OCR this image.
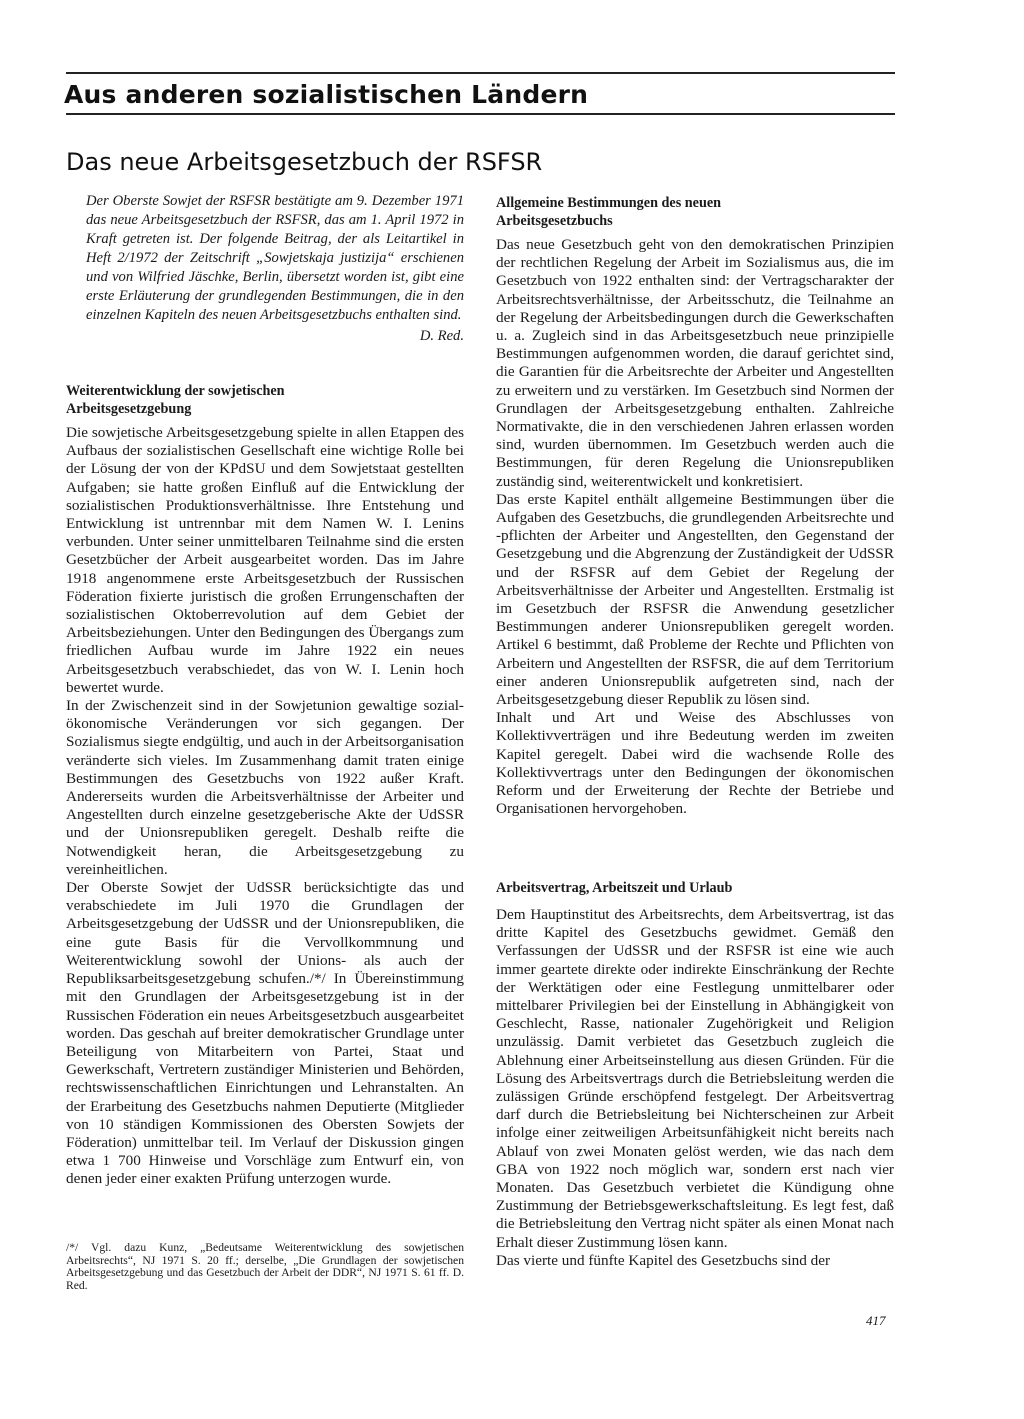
Aus anderen sozialistischen Ländern
Das neue Arbeitsgesetzbuch der RSFSR
Der Oberste Sowjet der RSFSR bestätigte am 9. Dezember 1971 das neue Arbeitsgesetzbuch der RSFSR, das am 1. April 1972 in Kraft getreten ist. Der folgende Beitrag, der als Leitartikel in Heft 2/1972 der Zeitschrift „Sowjetskaja justizija“ erschienen und von Wilfried Jäschke, Berlin, übersetzt worden ist, gibt eine erste Erläuterung der grundlegenden Bestimmungen, die in den einzelnen Kapiteln des neuen Arbeitsgesetzbuchs enthalten sind.
D. Red.
Weiterentwicklung der sowjetischen Arbeitsgesetzgebung

Die sowjetische Arbeitsgesetzgebung spielte in allen Etappen des Aufbaus der sozialistischen Gesellschaft eine wichtige Rolle bei der Lösung der von der KPdSU und dem Sowjetstaat gestellten Aufgaben; sie hatte großen Einfluß auf die Entwicklung der sozialistischen Produktionsverhältnisse. Ihre Entstehung und Entwicklung ist untrennbar mit dem Namen W. I. Lenins verbunden. Unter seiner unmittelbaren Teilnahme sind die ersten Gesetzbücher der Arbeit ausgearbeitet worden. Das im Jahre 1918 angenommene erste Arbeitsgesetzbuch der Russischen Föderation fixierte juristisch die großen Errungenschaften der sozialistischen Oktoberrevolution auf dem Gebiet der Arbeitsbeziehungen. Unter den Bedingungen des Übergangs zum friedlichen Aufbau wurde im Jahre 1922 ein neues Arbeitsgesetzbuch verabschiedet, das von W. I. Lenin hoch bewertet wurde.

In der Zwischenzeit sind in der Sowjetunion gewaltige sozial-ökonomische Veränderungen vor sich gegangen. Der Sozialismus siegte endgültig, und auch in der Arbeitsorganisation veränderte sich vieles. Im Zusammenhang damit traten einige Bestimmungen des Gesetzbuchs von 1922 außer Kraft. Andererseits wurden die Arbeitsverhältnisse der Arbeiter und Angestellten durch einzelne gesetzgeberische Akte der UdSSR und der Unionsrepubliken geregelt. Deshalb reifte die Notwendigkeit heran, die Arbeitsgesetzgebung zu vereinheitlichen.

Der Oberste Sowjet der UdSSR berücksichtigte das und verabschiedete im Juli 1970 die Grundlagen der Arbeitsgesetzgebung der UdSSR und der Unionsrepubliken, die eine gute Basis für die Vervollkommnung und Weiterentwicklung sowohl der Unions- als auch der Republiksarbeitsgesetzgebung schufen./*/ In Übereinstimmung mit den Grundlagen der Arbeitsgesetzgebung ist in der Russischen Föderation ein neues Arbeitsgesetzbuch ausgearbeitet worden. Das geschah auf breiter demokratischer Grundlage unter Beteiligung von Mitarbeitern von Partei, Staat und Gewerkschaft, Vertretern zuständiger Ministerien und Behörden, rechtswissenschaftlichen Einrichtungen und Lehranstalten. An der Erarbeitung des Gesetzbuchs nahmen Deputierte (Mitglieder von 10 ständigen Kommissionen des Obersten Sowjets der Föderation) unmittelbar teil. Im Verlauf der Diskussion gingen etwa 1 700 Hinweise und Vorschläge zum Entwurf ein, von denen jeder einer exakten Prüfung unterzogen wurde.

/*/ Vgl. dazu Kunz, „Bedeutsame Weiterentwicklung des sowjetischen Arbeitsrechts“, NJ 1971 S. 20 ff.; derselbe, „Die Grundlagen der sowjetischen Arbeitsgesetzgebung und das Gesetzbuch der Arbeit der DDR“, NJ 1971 S. 61 ff. D. Red.
Allgemeine Bestimmungen des neuen Arbeitsgesetzbuchs

Das neue Gesetzbuch geht von den demokratischen Prinzipien der rechtlichen Regelung der Arbeit im Sozialismus aus, die im Gesetzbuch von 1922 enthalten sind: der Vertragscharakter der Arbeitsrechtsverhältnisse, der Arbeitsschutz, die Teilnahme an der Regelung der Arbeitsbedingungen durch die Gewerkschaften u. a. Zugleich sind in das Arbeitsgesetzbuch neue prinzipielle Bestimmungen aufgenommen worden, die darauf gerichtet sind, die Garantien für die Arbeitsrechte der Arbeiter und Angestellten zu erweitern und zu verstärken. Im Gesetzbuch sind Normen der Grundlagen der Arbeitsgesetzgebung enthalten. Zahlreiche Normativakte, die in den verschiedenen Jahren erlassen worden sind, wurden übernommen. Im Gesetzbuch werden auch die Bestimmungen, für deren Regelung die Unionsrepubliken zuständig sind, weiterentwickelt und konkretisiert.

Das erste Kapitel enthält allgemeine Bestimmungen über die Aufgaben des Gesetzbuchs, die grundlegenden Arbeitsrechte und -pflichten der Arbeiter und Angestellten, den Gegenstand der Gesetzgebung und die Abgrenzung der Zuständigkeit der UdSSR und der RSFSR auf dem Gebiet der Regelung der Arbeitsverhältnisse der Arbeiter und Angestellten. Erstmalig ist im Gesetzbuch der RSFSR die Anwendung gesetzlicher Bestimmungen anderer Unionsrepubliken geregelt worden. Artikel 6 bestimmt, daß Probleme der Rechte und Pflichten von Arbeitern und Angestellten der RSFSR, die auf dem Territorium einer anderen Unionsrepublik aufgetreten sind, nach der Arbeitsgesetzgebung dieser Republik zu lösen sind.

Inhalt und Art und Weise des Abschlusses von Kollektivverträgen und ihre Bedeutung werden im zweiten Kapitel geregelt. Dabei wird die wachsende Rolle des Kollektivvertrags unter den Bedingungen der ökonomischen Reform und der Erweiterung der Rechte der Betriebe und Organisationen hervorgehoben.

Arbeitsvertrag, Arbeitszeit und Urlaub

Dem Hauptinstitut des Arbeitsrechts, dem Arbeitsvertrag, ist das dritte Kapitel des Gesetzbuchs gewidmet. Gemäß den Verfassungen der UdSSR und der RSFSR ist eine wie auch immer geartete direkte oder indirekte Einschränkung der Rechte der Werktätigen oder eine Festlegung unmittelbarer oder mittelbarer Privilegien bei der Einstellung in Abhängigkeit von Geschlecht, Rasse, nationaler Zugehörigkeit und Religion unzulässig. Damit verbietet das Gesetzbuch zugleich die Ablehnung einer Arbeitseinstellung aus diesen Gründen. Für die Lösung des Arbeitsvertrags durch die Betriebsleitung werden die zulässigen Gründe erschöpfend festgelegt. Der Arbeitsvertrag darf durch die Betriebsleitung bei Nichterscheinen zur Arbeit infolge einer zeitweiligen Arbeitsunfähigkeit nicht bereits nach Ablauf von zwei Monaten gelöst werden, wie das nach dem GBA von 1922 noch möglich war, sondern erst nach vier Monaten. Das Gesetzbuch verbietet die Kündigung ohne Zustimmung der Betriebsgewerkschaftsleitung. Es legt fest, daß die Betriebsleitung den Vertrag nicht später als einen Monat nach Erhalt dieser Zustimmung lösen kann.

Das vierte und fünfte Kapitel des Gesetzbuchs sind der

417
